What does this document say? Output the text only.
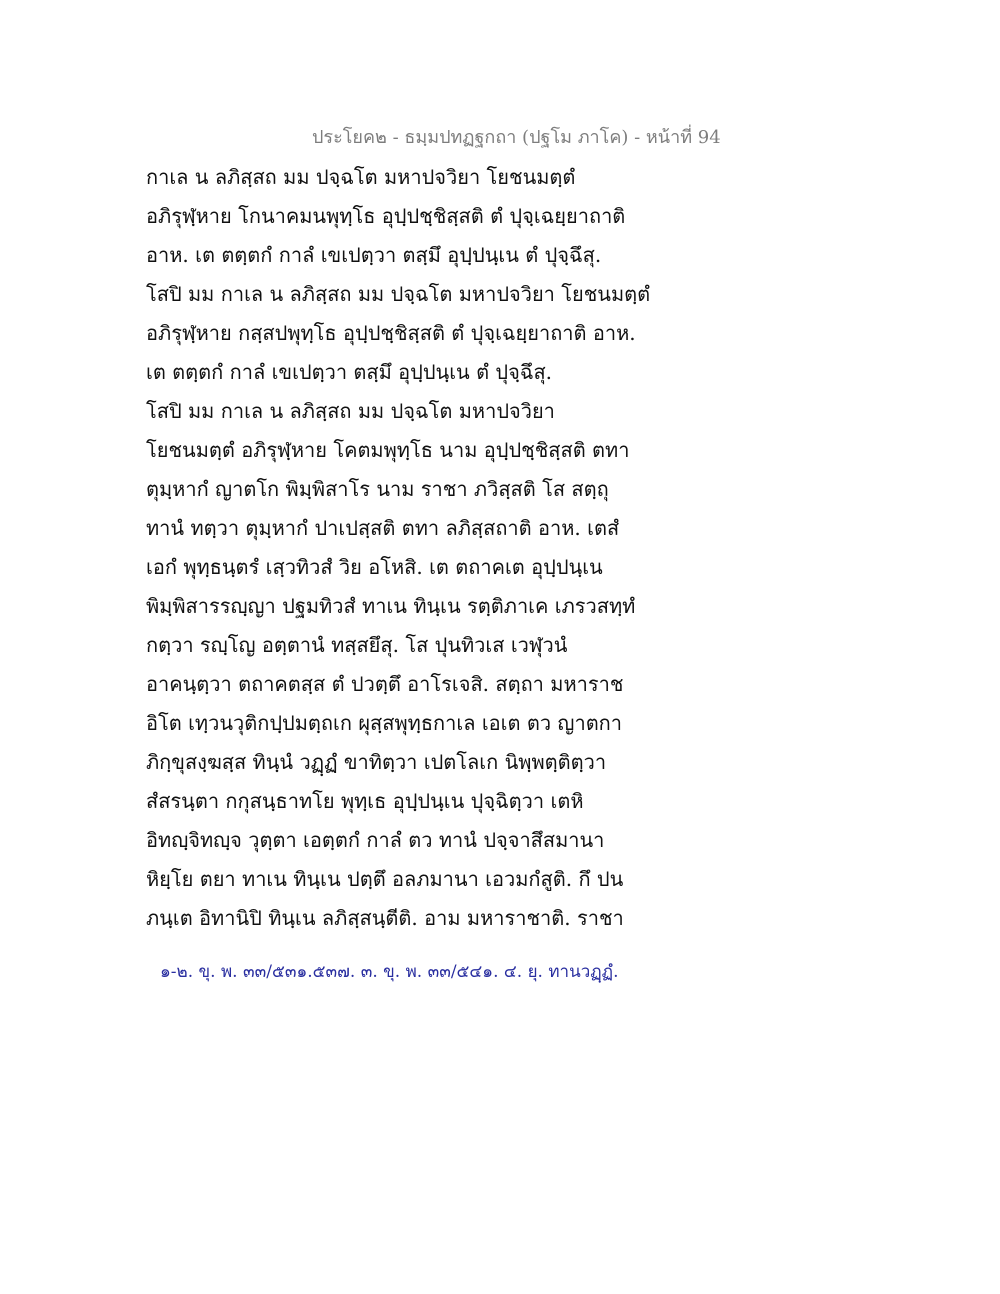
ประโยค๒ - ธมฺมปทฏฐกถา (ปฐโม ภาโค) - หน้าที่ 94
กาเล น ลภิสฺสถ มม ปจฺฉโต มหาปจวิยา โยชนมตฺตํ
อภิรุฬฺหาย โกนาคมนพุทฺโธ อุปฺปชฺชิสฺสติ ตํ ปุจฺเฉยฺยาถาติ
อาห. เต ตตฺตกํ กาลํ เขเปตฺวา ตสฺมึ อุปฺปนฺเน ตํ ปุจฺฉึสุ.
โสปิ มม กาเล น ลภิสฺสถ มม ปจฺฉโต มหาปจวิยา โยชนมตฺตํ
อภิรุฬฺหาย กสฺสปพุทฺโธ อุปฺปชฺชิสฺสติ ตํ ปุจฺเฉยฺยาถาติ อาห.
เต ตตฺตกํ กาลํ เขเปตฺวา ตสฺมึ อุปฺปนฺเน ตํ ปุจฺฉึสุ.
โสปิ มม กาเล น ลภิสฺสถ มม ปจฺฉโต มหาปจวิยา
โยชนมตฺตํ อภิรุฬฺหาย โคตมพุทฺโธ นาม อุปฺปชฺชิสฺสติ ตทา
ตุมฺหากํ ญาตโก พิมฺพิสาโร นาม ราชา ภวิสฺสติ โส สตฺถุ
ทานํ ทตฺวา ตุมฺหากํ ปาเปสฺสติ ตทา ลภิสฺสถาติ อาห. เตสํ
เอกํ พุทฺธนฺตรํ เสฺวทิวสํ วิย อโหสิ. เต ตถาคเต อุปฺปนฺเน
พิมฺพิสารรญฺญา ปฐมทิวสํ ทาเน ทินฺเน รตฺติภาเค เภรวสทฺทํ
กตฺวา รญฺโญ อตฺตานํ ทสฺสยึสุ. โส ปุนทิวเส เวฬุวนํ
อาคนฺตฺวา ตถาคตสฺส ตํ ปวตฺตึ อาโรเจสิ. สตฺถา มหาราช
อิโต เทฺวนวุติกปฺปมตฺถเก ผุสฺสพุทฺธกาเล เอเต ตว ญาตกา
ภิกฺขุสงฺฆสฺส ทินฺนํ วฏฺฏํ ขาทิตฺวา เปตโลเก นิพฺพตฺติตฺวา
สํสรนฺตา กกุสนฺธาทโย พุทฺเธ อุปฺปนฺเน ปุจฺฉิตฺวา เตหิ
อิทญฺจิทญฺจ วุตฺตา เอตฺตกํ กาลํ ตว ทานํ ปจฺจาสึสมานา
หิยฺโย ตยา ทาเน ทินฺเน ปตฺตึ อลภมานา เอวมกํสูติ. กึ ปน
ภนฺเต อิทานิปิ ทินฺเน ลภิสฺสนฺตีติ. อาม มหาราชาติ. ราชา
๑-๒. ขุ. พ. ๓๓/๕๓๑.๕๓๗. ๓. ขุ. พ. ๓๓/๕๔๑. ๔. ยุ. ทานวฏฺฏํ.
